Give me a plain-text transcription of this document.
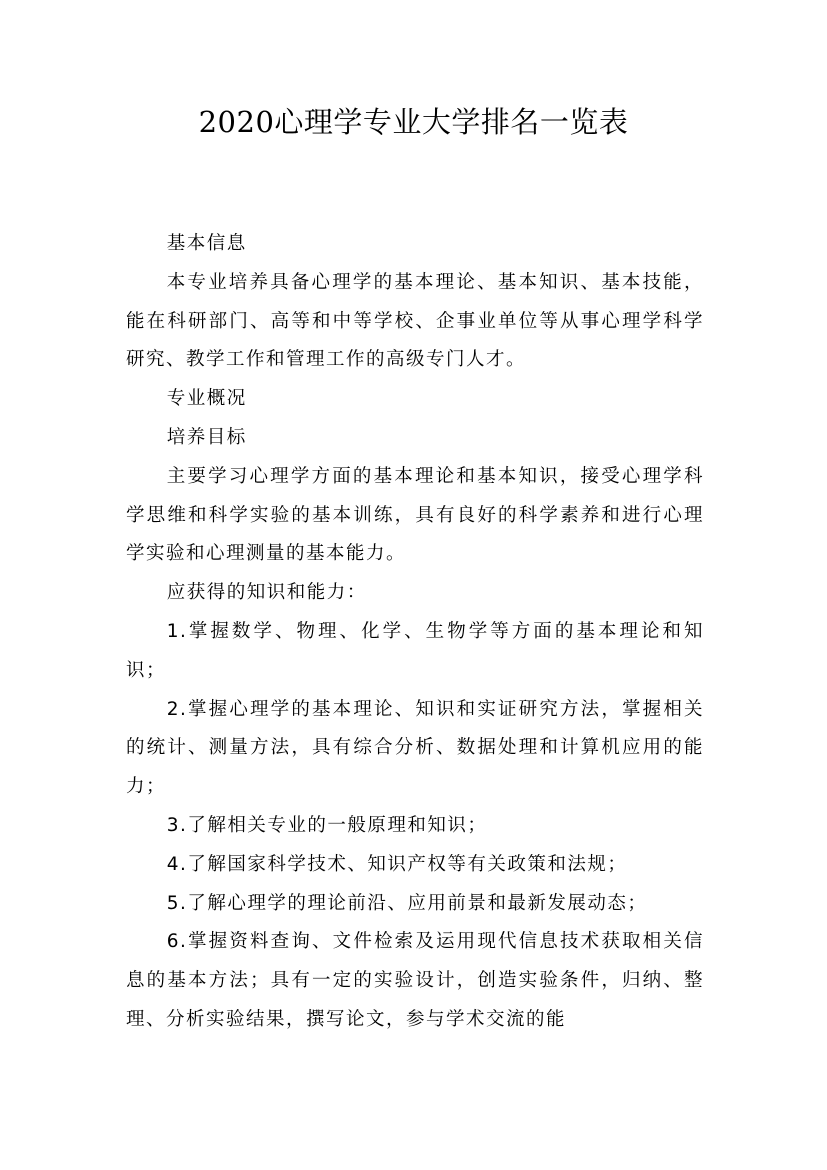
2020心理学专业大学排名一览表

基本信息

本专业培养具备心理学的基本理论、基本知识、基本技能，能在科研部门、高等和中等学校、企事业单位等从事心理学科学研究、教学工作和管理工作的高级专门人才。

专业概况

培养目标

主要学习心理学方面的基本理论和基本知识，接受心理学科学思维和科学实验的基本训练，具有良好的科学素养和进行心理学实验和心理测量的基本能力。

应获得的知识和能力：

1.掌握数学、物理、化学、生物学等方面的基本理论和知识；

2.掌握心理学的基本理论、知识和实证研究方法，掌握相关的统计、测量方法，具有综合分析、数据处理和计算机应用的能力；

3.了解相关专业的一般原理和知识；

4.了解国家科学技术、知识产权等有关政策和法规；

5.了解心理学的理论前沿、应用前景和最新发展动态；

6.掌握资料查询、文件检索及运用现代信息技术获取相关信息的基本方法；具有一定的实验设计，创造实验条件，归纳、整理、分析实验结果，撰写论文，参与学术交流的能
